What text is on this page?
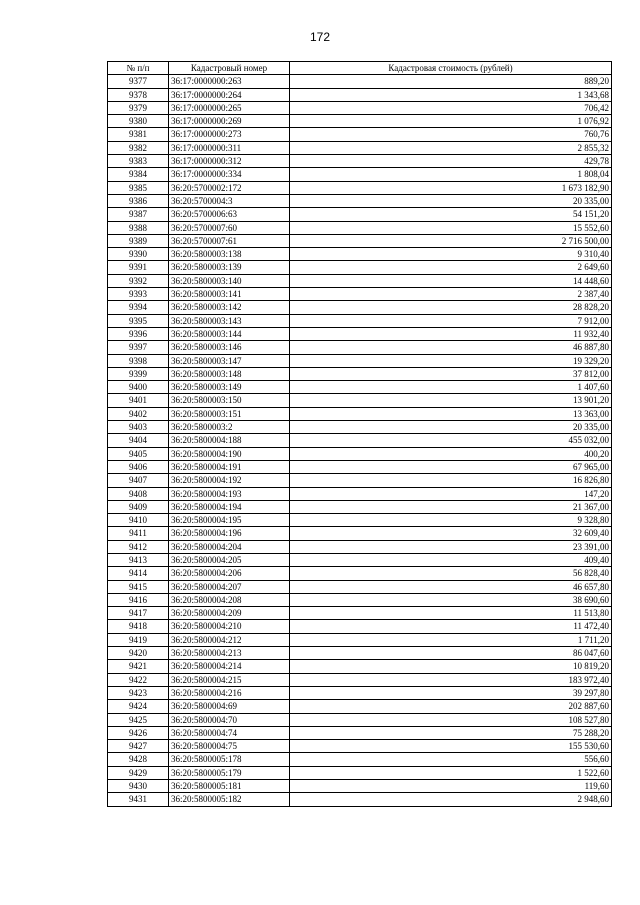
172
№ п/п	Кадастровый номер	Кадастровая стоимость (рублей)
9377	36:17:0000000:263	889,20
9378	36:17:0000000:264	1 343,68
9379	36:17:0000000:265	706,42
9380	36:17:0000000:269	1 076,92
9381	36:17:0000000:273	760,76
9382	36:17:0000000:311	2 855,32
9383	36:17:0000000:312	429,78
9384	36:17:0000000:334	1 808,04
9385	36:20:5700002:172	1 673 182,90
9386	36:20:5700004:3	20 335,00
9387	36:20:5700006:63	54 151,20
9388	36:20:5700007:60	15 552,60
9389	36:20:5700007:61	2 716 500,00
9390	36:20:5800003:138	9 310,40
9391	36:20:5800003:139	2 649,60
9392	36:20:5800003:140	14 448,60
9393	36:20:5800003:141	2 387,40
9394	36:20:5800003:142	28 828,20
9395	36:20:5800003:143	7 912,00
9396	36:20:5800003:144	11 932,40
9397	36:20:5800003:146	46 887,80
9398	36:20:5800003:147	19 329,20
9399	36:20:5800003:148	37 812,00
9400	36:20:5800003:149	1 407,60
9401	36:20:5800003:150	13 901,20
9402	36:20:5800003:151	13 363,00
9403	36:20:5800003:2	20 335,00
9404	36:20:5800004:188	455 032,00
9405	36:20:5800004:190	400,20
9406	36:20:5800004:191	67 965,00
9407	36:20:5800004:192	16 826,80
9408	36:20:5800004:193	147,20
9409	36:20:5800004:194	21 367,00
9410	36:20:5800004:195	9 328,80
9411	36:20:5800004:196	32 609,40
9412	36:20:5800004:204	23 391,00
9413	36:20:5800004:205	409,40
9414	36:20:5800004:206	56 828,40
9415	36:20:5800004:207	46 657,80
9416	36:20:5800004:208	38 690,60
9417	36:20:5800004:209	11 513,80
9418	36:20:5800004:210	11 472,40
9419	36:20:5800004:212	1 711,20
9420	36:20:5800004:213	86 047,60
9421	36:20:5800004:214	10 819,20
9422	36:20:5800004:215	183 972,40
9423	36:20:5800004:216	39 297,80
9424	36:20:5800004:69	202 887,60
9425	36:20:5800004:70	108 527,80
9426	36:20:5800004:74	75 288,20
9427	36:20:5800004:75	155 530,60
9428	36:20:5800005:178	556,60
9429	36:20:5800005:179	1 522,60
9430	36:20:5800005:181	119,60
9431	36:20:5800005:182	2 948,60
